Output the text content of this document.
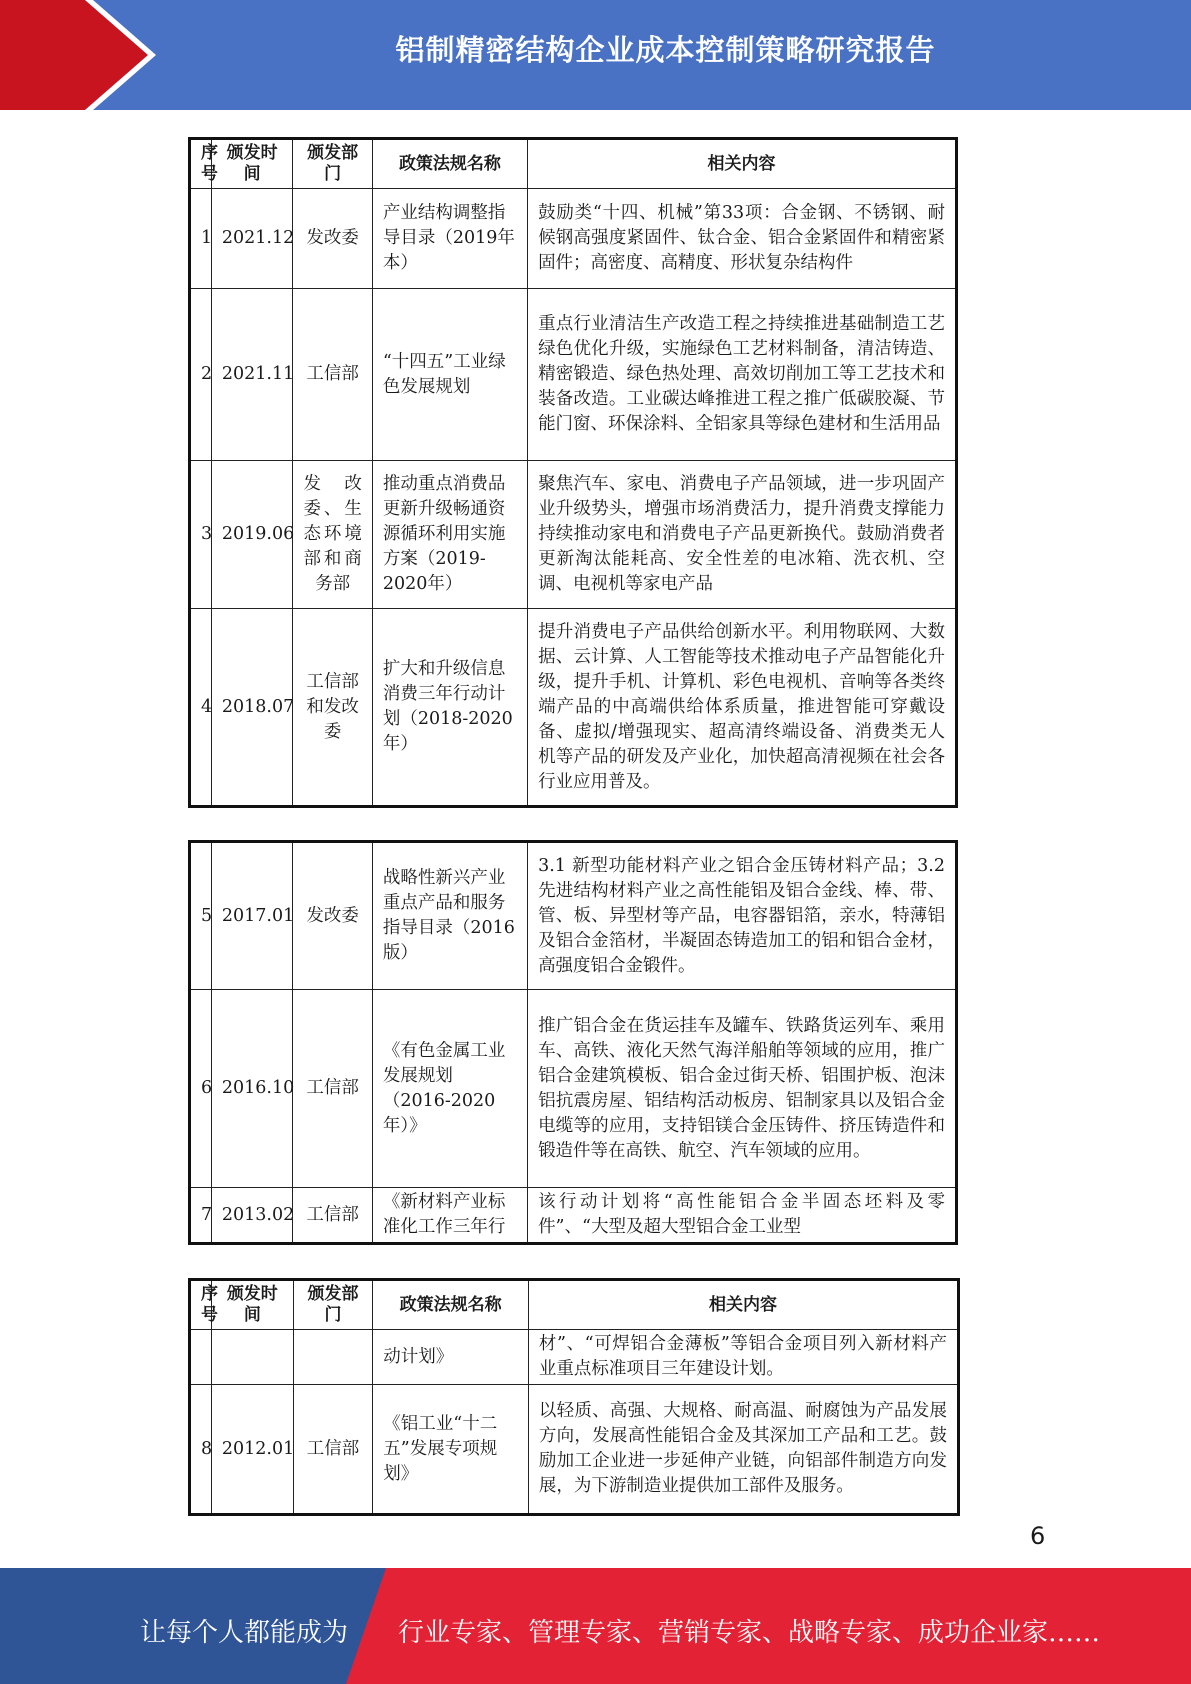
铝制精密结构企业成本控制策略研究报告
序号	颁发时间	颁发部门	政策法规名称	相关内容
1	2021.12	发改委	产业结构调整指导目录（2019年本）	鼓励类“十四、机械”第33项：合金钢、不锈钢、耐候钢高强度紧固件、钛合金、铝合金紧固件和精密紧固件；高密度、高精度、形状复杂结构件
2	2021.11	工信部	“十四五”工业绿色发展规划	重点行业清洁生产改造工程之持续推进基础制造工艺绿色优化升级，实施绿色工艺材料制备，清洁铸造、精密锻造、绿色热处理、高效切削加工等工艺技术和装备改造。工业碳达峰推进工程之推广低碳胶凝、节能门窗、环保涂料、全铝家具等绿色建材和生活用品
3	2019.06	发改委、生态环境部和商务部	推动重点消费品更新升级畅通资源循环利用实施方案（2019-2020年）	聚焦汽车、家电、消费电子产品领域，进一步巩固产业升级势头，增强市场消费活力，提升消费支撑能力持续推动家电和消费电子产品更新换代。鼓励消费者更新淘汰能耗高、安全性差的电冰箱、洗衣机、空调、电视机等家电产品
4	2018.07	工信部和发改委	扩大和升级信息消费三年行动计划（2018-2020年）	提升消费电子产品供给创新水平。利用物联网、大数据、云计算、人工智能等技术推动电子产品智能化升级，提升手机、计算机、彩色电视机、音响等各类终端产品的中高端供给体系质量，推进智能可穿戴设备、虚拟/增强现实、超高清终端设备、消费类无人机等产品的研发及产业化，加快超高清视频在社会各行业应用普及。
5	2017.01	发改委	战略性新兴产业重点产品和服务指导目录（2016版）	3.1 新型功能材料产业之铝合金压铸材料产品；3.2 先进结构材料产业之高性能铝及铝合金线、棒、带、管、板、异型材等产品，电容器铝箔，亲水，特薄铝及铝合金箔材，半凝固态铸造加工的铝和铝合金材，高强度铝合金锻件。
6	2016.10	工信部	《有色金属工业发展规划（2016-2020年）》	推广铝合金在货运挂车及罐车、铁路货运列车、乘用车、高铁、液化天然气海洋船舶等领域的应用，推广铝合金建筑模板、铝合金过街天桥、铝围护板、泡沫铝抗震房屋、铝结构活动板房、铝制家具以及铝合金电缆等的应用，支持铝镁合金压铸件、挤压铸造件和锻造件等在高铁、航空、汽车领域的应用。
7	2013.02	工信部	《新材料产业标准化工作三年行	该行动计划将“高性能铝合金半固态坯料及零件”、“大型及超大型铝合金工业型
序号	颁发时间	颁发部门	政策法规名称	相关内容
			动计划》	材”、“可焊铝合金薄板”等铝合金项目列入新材料产业重点标准项目三年建设计划。
8	2012.01	工信部	《铝工业“十二五”发展专项规划》	以轻质、高强、大规格、耐高温、耐腐蚀为产品发展方向，发展高性能铝合金及其深加工产品和工艺。鼓励加工企业进一步延伸产业链，向铝部件制造方向发展，为下游制造业提供加工部件及服务。
6
让每个人都能成为 行业专家、管理专家、营销专家、战略专家、成功企业家……
